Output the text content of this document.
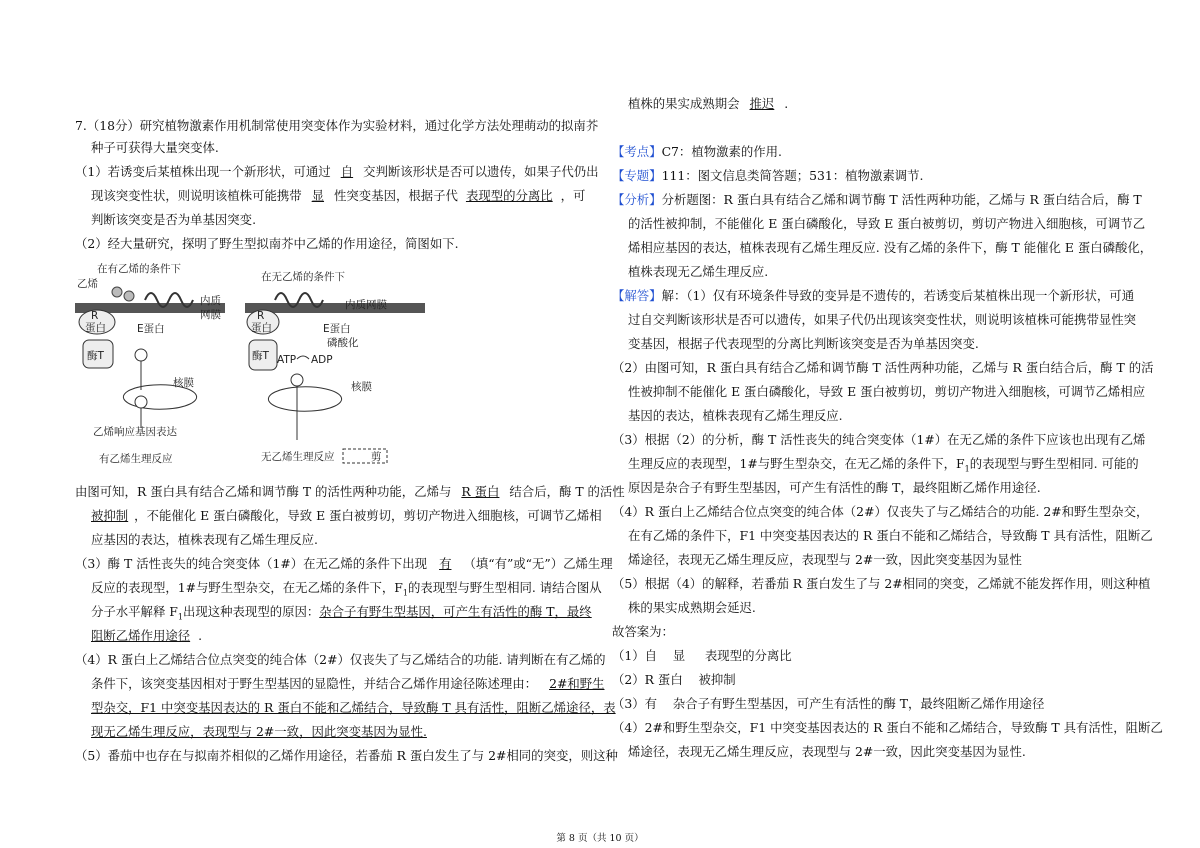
7.（18分）研究植物激素作用机制常使用突变体作为实验材料，通过化学方法处理萌动的拟南芥
种子可获得大量突变体.
（1）若诱变后某植株出现一个新形状，可通过 自 交判断该形状是否可以遗传，如果子代仍出
现该突变性状，则说明该植株可能携带 显 性突变基因，根据子代 表现型的分离比 ，可
判断该突变是否为单基因突变.
（2）经大量研究，探明了野生型拟南芥中乙烯的作用途径，简图如下.
在有乙烯的条件下
乙烯
内质
网膜
R
蛋白
酶T
E蛋白
核膜
乙烯响应基因表达
有乙烯生理反应
在无乙烯的条件下
内质网膜
R
蛋白
酶T
E蛋白
磷酸化
ATP ADP
核膜
无乙烯生理反应	剪
由图可知，R 蛋白具有结合乙烯和调节酶 T 的活性两种功能，乙烯与 R 蛋白 结合后，酶 T 的活性
被抑制 ，不能催化 E 蛋白磷酸化，导致 E 蛋白被剪切，剪切产物进入细胞核，可调节乙烯相
应基因的表达，植株表现有乙烯生理反应.
（3）酶 T 活性丧失的纯合突变体（1#）在无乙烯的条件下出现 有 （填“有”或“无”）乙烯生理
反应的表现型，1#与野生型杂交，在无乙烯的条件下，$F_1$的表现型与野生型相同. 请结合图从
分子水平解释 $F_1$出现这种表现型的原因：杂合子有野生型基因，可产生有活性的酶 T，最终
阻断乙烯作用途径 .
（4）R 蛋白上乙烯结合位点突变的纯合体（2#）仅丧失了与乙烯结合的功能. 请判断在有乙烯的
条件下，该突变基因相对于野生型基因的显隐性，并结合乙烯作用途径陈述理由： 2#和野生
型杂交，F1 中突变基因表达的 R 蛋白不能和乙烯结合，导致酶 T 具有活性，阻断乙烯途径，表
现无乙烯生理反应，表现型与 2#一致，因此突变基因为显性.
（5）番茄中也存在与拟南芥相似的乙烯作用途径，若番茄 R 蛋白发生了与 2#相同的突变，则这种
植株的果实成熟期会 推迟 .
【考点】C7：植物激素的作用.
【专题】111：图文信息类简答题；531：植物激素调节.
【分析】分析题图：R 蛋白具有结合乙烯和调节酶 T 活性两种功能，乙烯与 R 蛋白结合后，酶 T
的活性被抑制，不能催化 E 蛋白磷酸化，导致 E 蛋白被剪切，剪切产物进入细胞核，可调节乙
烯相应基因的表达，植株表现有乙烯生理反应. 没有乙烯的条件下，酶 T 能催化 E 蛋白磷酸化，
植株表现无乙烯生理反应.
【解答】解：（1）仅有环境条件导致的变异是不遗传的，若诱变后某植株出现一个新形状，可通
过自交判断该形状是否可以遗传，如果子代仍出现该突变性状，则说明该植株可能携带显性突
变基因，根据子代表现型的分离比判断该突变是否为单基因突变.
（2）由图可知，R 蛋白具有结合乙烯和调节酶 T 活性两种功能，乙烯与 R 蛋白结合后，酶 T 的活
性被抑制不能催化 E 蛋白磷酸化，导致 E 蛋白被剪切，剪切产物进入细胞核，可调节乙烯相应
基因的表达，植株表现有乙烯生理反应.
（3）根据（2）的分析，酶 T 活性丧失的纯合突变体（1#）在无乙烯的条件下应该也出现有乙烯
生理反应的表现型，1#与野生型杂交，在无乙烯的条件下，$F_1$的表现型与野生型相同. 可能的
原因是杂合子有野生型基因，可产生有活性的酶 T，最终阻断乙烯作用途径.
（4）R 蛋白上乙烯结合位点突变的纯合体（2#）仅丧失了与乙烯结合的功能. 2#和野生型杂交，
在有乙烯的条件下，F1 中突变基因表达的 R 蛋白不能和乙烯结合，导致酶 T 具有活性，阻断乙
烯途径，表现无乙烯生理反应，表现型与 2#一致，因此突变基因为显性
（5）根据（4）的解释，若番茄 R 蛋白发生了与 2#相同的突变，乙烯就不能发挥作用，则这种植
株的果实成熟期会延迟.
故答案为：
（1）自    显     表现型的分离比
（2）R 蛋白    被抑制
（3）有    杂合子有野生型基因，可产生有活性的酶 T，最终阻断乙烯作用途径
（4）2#和野生型杂交，F1 中突变基因表达的 R 蛋白不能和乙烯结合，导致酶 T 具有活性，阻断乙
烯途径，表现无乙烯生理反应，表现型与 2#一致，因此突变基因为显性.
第 8 页（共 10 页）
